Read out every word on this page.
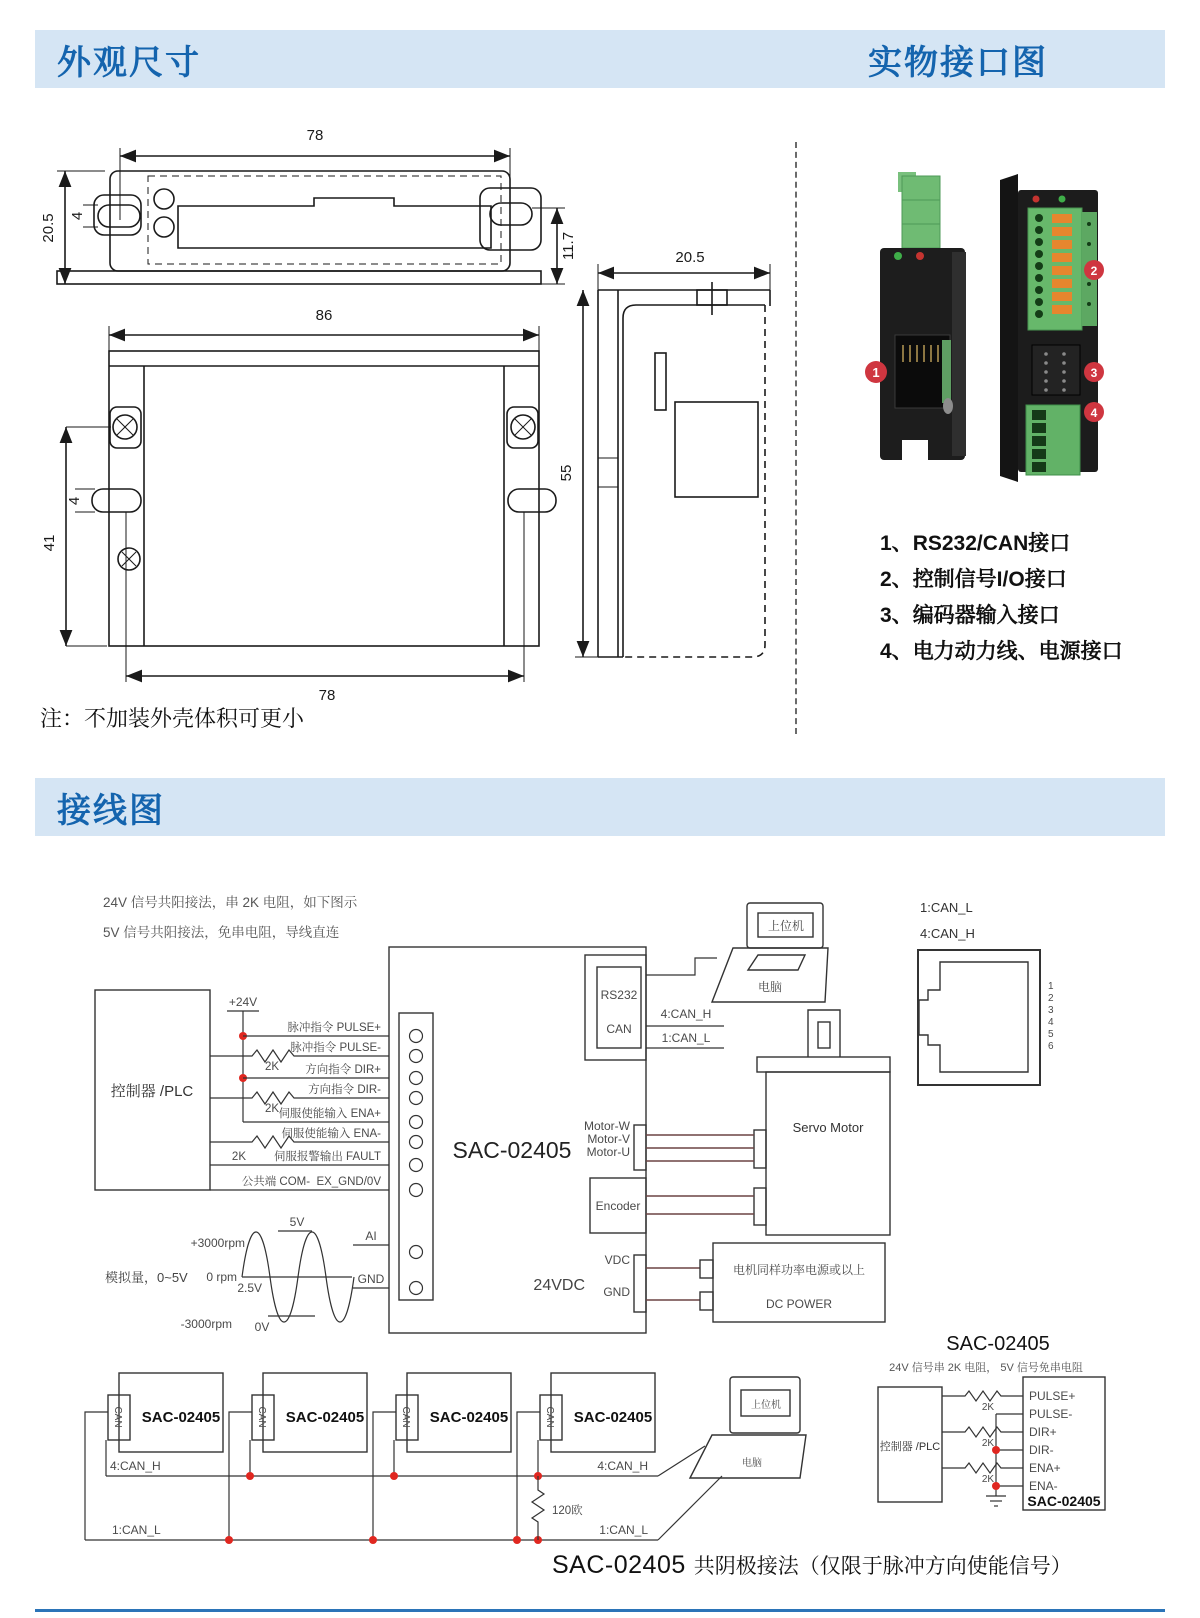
外观尺寸	实物接口图
78
20.5 4
11.7
86
41
4
78
20.5
55
1
2
3
4
1、RS232/CAN接口
2、控制信号I/O接口
3、编码器输入接口
4、电力动力线、电源接口
注：不加装外壳体积可更小
接线图
24V 信号共阳接法，串 2K 电阻，如下图示
5V 信号共阳接法，免串电阻，导线直连
控制器 /PLC
+24V
脉冲指令 PULSE+
脉冲指令 PULSE-
方向指令 DIR+
方向指令 DIR-
伺服使能输入 ENA+
伺服使能输入 ENA-
伺服报警输出 FAULT
公共端 COM-  EX_GND/0V
2K
2K
2K	SAC-02405
RS232
CAN
4:CAN_H
1:CAN_L
上位机
电脑
1:CAN_L
4:CAN_H
1
2
3
4
5
6
Servo Motor
Motor-W
Motor-V
Motor-U
Encoder
VDC
GND
24VDC
电机同样功率电源或以上
DC POWER
模拟量，0~5V
+3000rpm
0 rpm
-3000rpm
5V
2.5V
0V
AI
GND
CAN SAC-02405	CAN SAC-02405	CAN SAC-02405	CAN SAC-02405
120欧
4:CAN_H	4:CAN_H
1:CAN_L	1:CAN_L
上位机
电脑
SAC-02405
24V 信号串 2K 电阻， 5V 信号免串电阻
控制器 /PLC
SAC-02405
2K
2K
2K
PULSE+
PULSE-
DIR+
DIR-
ENA+
ENA-
SAC-02405 共阴极接法（仅限于脉冲方向使能信号）
